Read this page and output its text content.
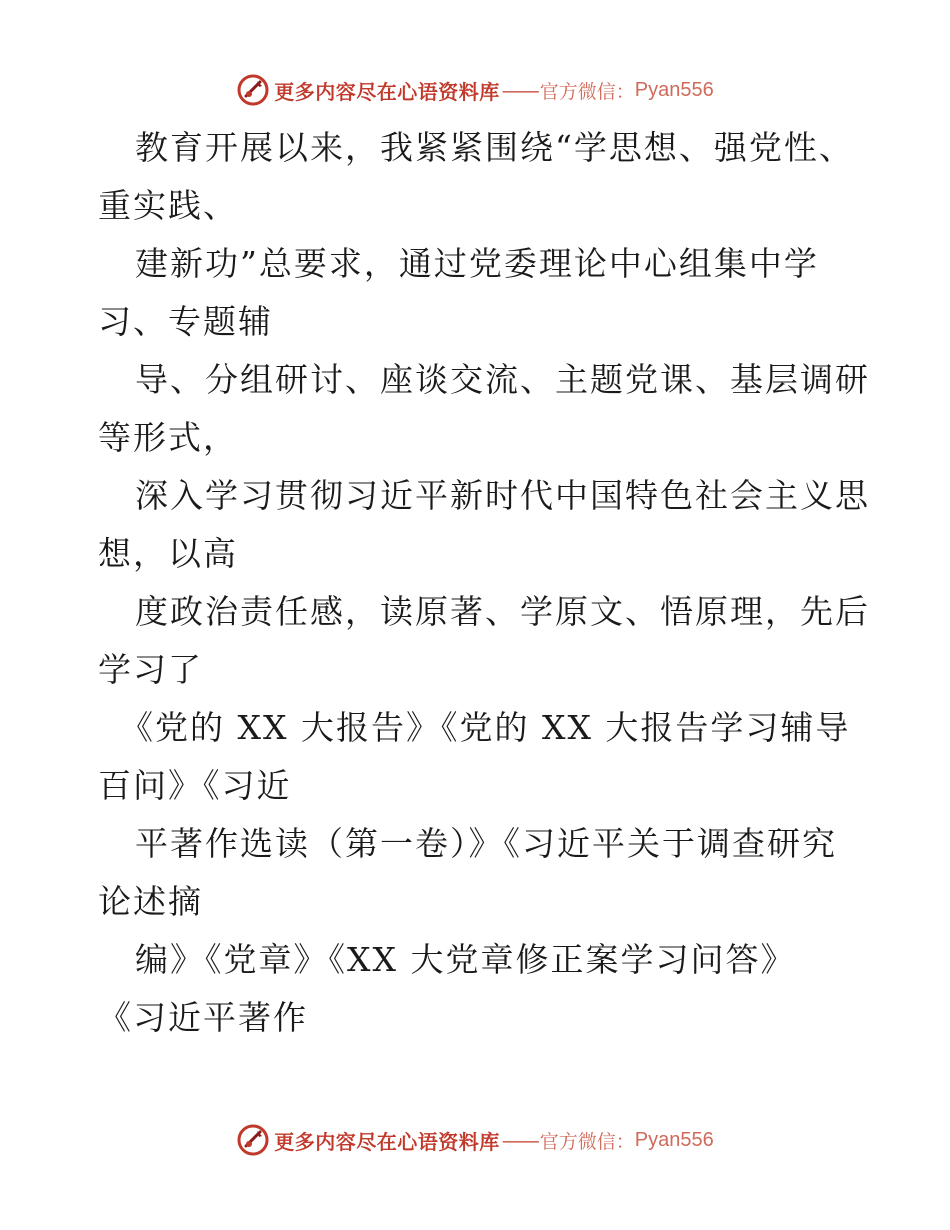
更多内容尽在心语资料库 —— 官方微信： Pyan556
教育开展以来，我紧紧围绕“学思想、强党性、
重实践、
建新功”总要求，通过党委理论中心组集中学
习、专题辅
导、分组研讨、座谈交流、主题党课、基层调研
等形式，
深入学习贯彻习近平新时代中国特色社会主义思
想，以高
度政治责任感，读原著、学原文、悟原理，先后
学习了
《党的 XX 大报告》《党的 XX 大报告学习辅导
百问》《习近
平著作选读（第一卷）》《习近平关于调查研究
论述摘
编》《党章》《XX 大党章修正案学习问答》
《习近平著作
更多内容尽在心语资料库 —— 官方微信： Pyan556
